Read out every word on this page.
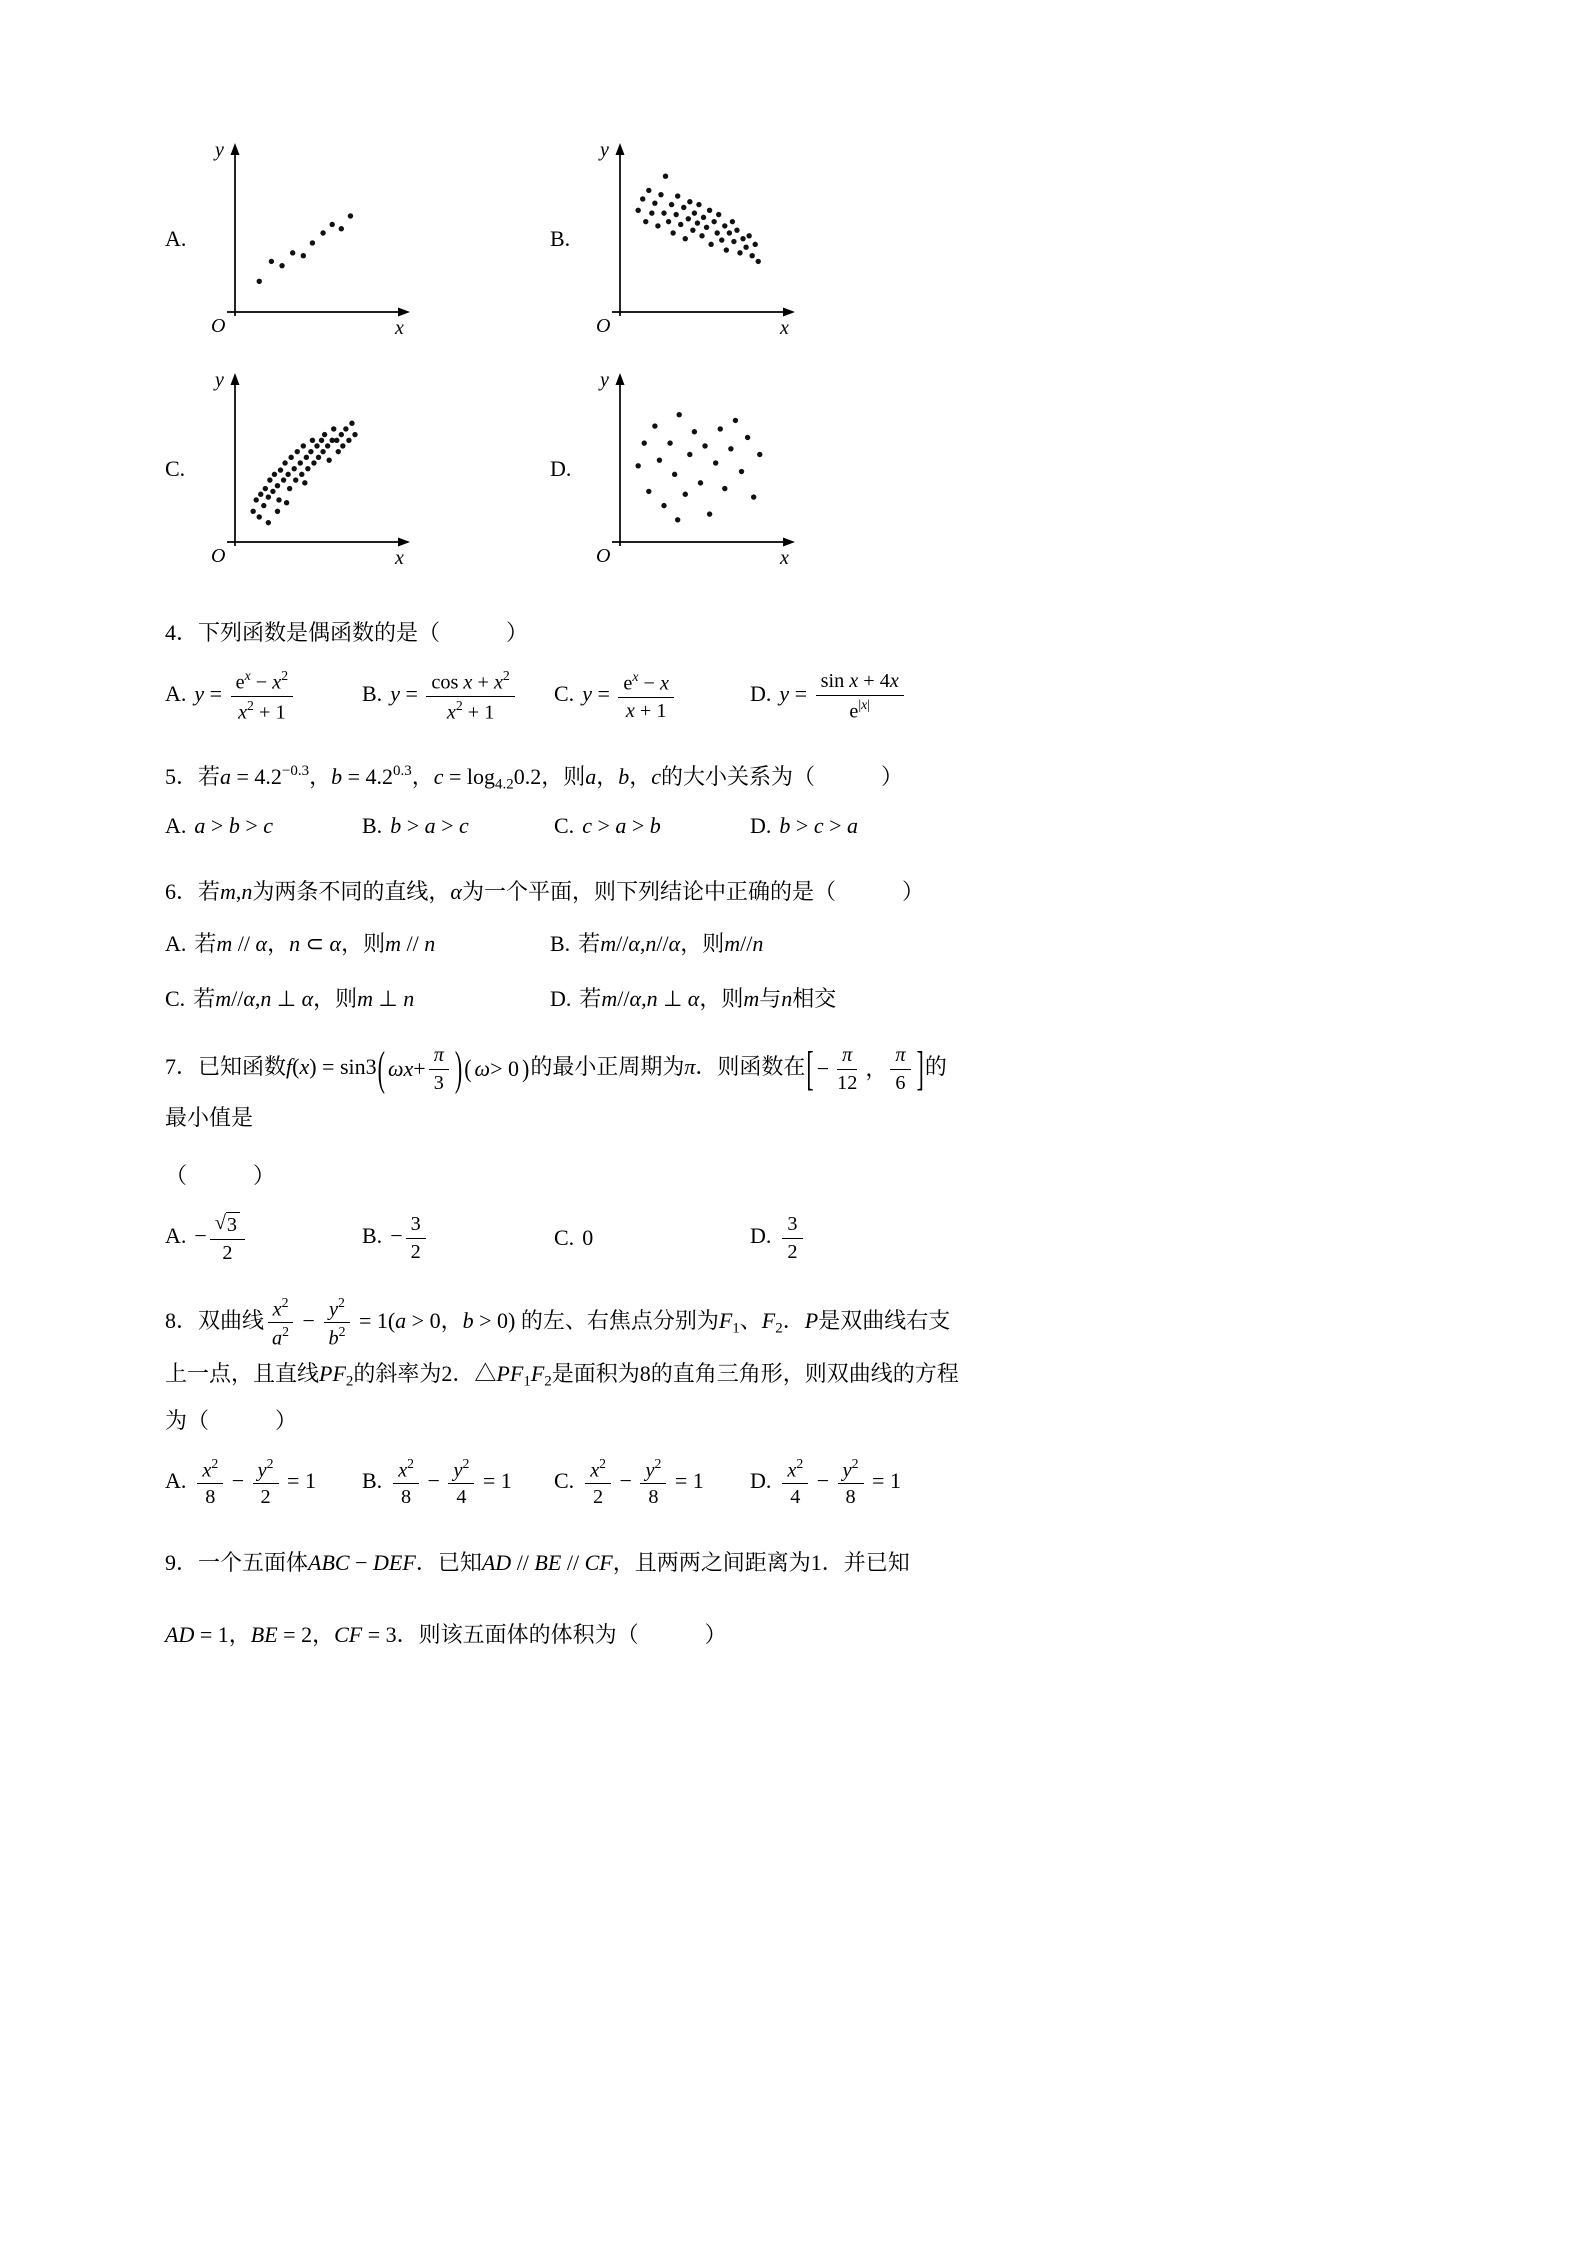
A.
y
x
O
B.
y
x
O
C.
y
x
O
D.
y
x
O

4．下列函数是偶函数的是（　　　）

A. $y = \frac{e^x - x^2}{x^2 + 1}$	B. $y = \frac{\cos x + x^2}{x^2 + 1} C$. $y = \frac{e^x - x}{x + 1}$	D. $y = \frac{\text{sin x + 4x}}{e^{|x|}}$

5．若$a = 4.2^{-0.3}$，$b = 4.2^{0.3}$，$c = \log_{4.2}0.2$，则a，b，c的大小关系为（　　　）

A. a > b > c	B. b > a > c	C. c > a > b	D. b > c > a

6．若m,n为两条不同的直线，α为一个平面，则下列结论中正确的是（　　　）

A. 若m // α，n ⊂ α，则m // n	B. 若m//α,n//α，则m//n
C. 若m//α,n ⊥ α，则m ⊥ n	D. 若m//α,n ⊥ α，则m与n相交

7．已知函数f(x) = sin3 ( ω $x + \frac{\pi}{3}$ ) ( ω > 0 ) 的最小正周期为π．则函数在 [ − $\frac{\pi}{12}$ ， $\frac{\pi}{6}$ ] 的最小值是

（　　　）

A. − $\frac{√ 3}{2}$	B. − $\frac{3}{2}$	C. 0	D. $\frac{3}{2}$

8．双曲线 $\frac{x^2}{a^2} - \frac{y^2}{b^2} = 1(a > 0$，b > 0) 的左、右焦点分别为$F_1$、$F_2$．P是双曲线右支上一点，且直线$PF_2$的斜率为2．$\triangle PF_1F_2$是面积为8的直角三角形，则双曲线的方程为（　　　）

A. $\frac{x^2}{8} - \frac{y^2}{2} = 1$	B. $\frac{x^2}{8} - \frac{y^2}{4} = 1$	C. $\frac{x^2}{2} - \frac{y^2}{8} = 1$	D. $\frac{x^2}{4} - \frac{y^2}{8} = 1$

9．一个五面体ABC − DEF．已知AD // BE // CF，且两两之间距离为1．并已知

AD = 1，BE = 2，CF = 3．则该五面体的体积为（　　　）
